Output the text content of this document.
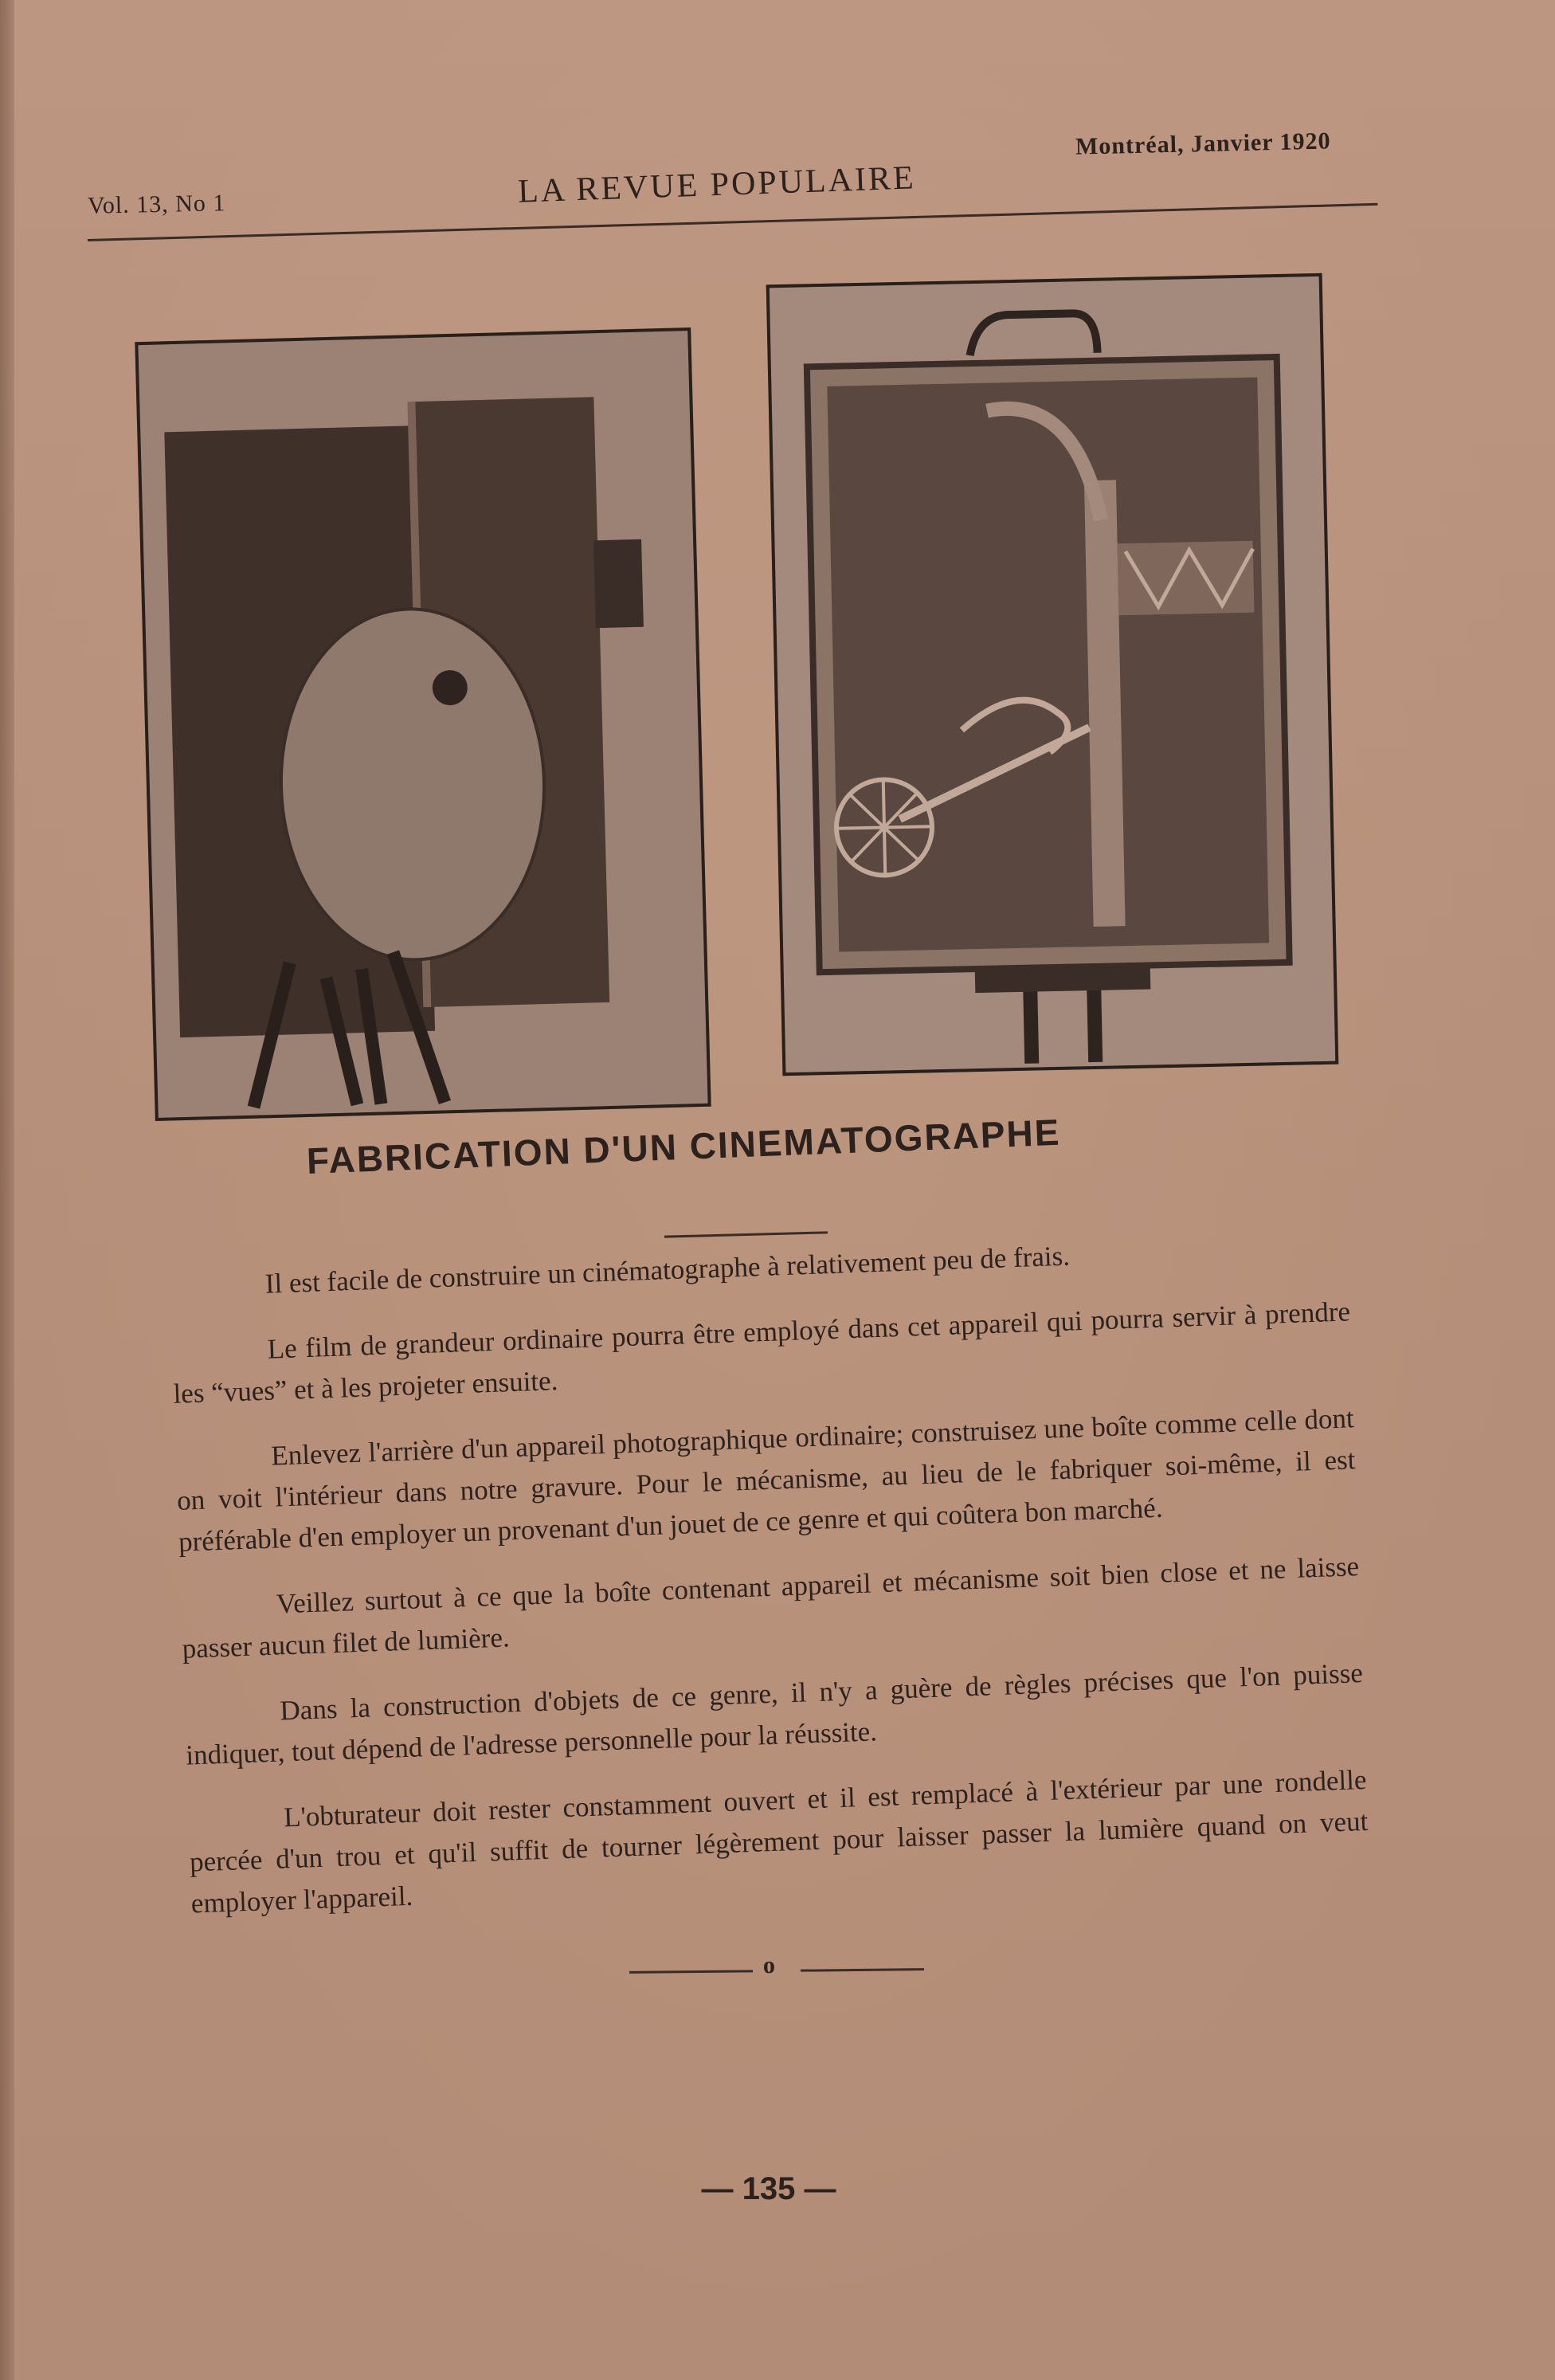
Vol. 13, No 1	LA REVUE POPULAIRE
Montréal, Janvier 1920
FABRICATION D'UN CINEMATOGRAPHE

Il est facile de construire un cinématographe à relativement peu de frais.

Le film de grandeur ordinaire pourra être employé dans cet appareil qui pourra servir à prendre les “vues” et à les projeter ensuite.

Enlevez l'arrière d'un appareil photographique ordinaire; construisez une boîte comme celle dont on voit l'intérieur dans notre gravure. Pour le mécanisme, au lieu de le fabriquer soi-même, il est préférable d'en employer un provenant d'un jouet de ce genre et qui coûtera bon marché.

Veillez surtout à ce que la boîte contenant appareil et mécanisme soit bien close et ne laisse passer aucun filet de lumière.

Dans la construction d'objets de ce genre, il n'y a guère de règles précises que l'on puisse indiquer, tout dépend de l'adresse personnelle pour la réussite.

L'obturateur doit rester constamment ouvert et il est remplacé à l'extérieur par une rondelle percée d'un trou et qu'il suffit de tourner légèrement pour laisser passer la lumière quand on veut employer l'appareil.

o
— 135 —
